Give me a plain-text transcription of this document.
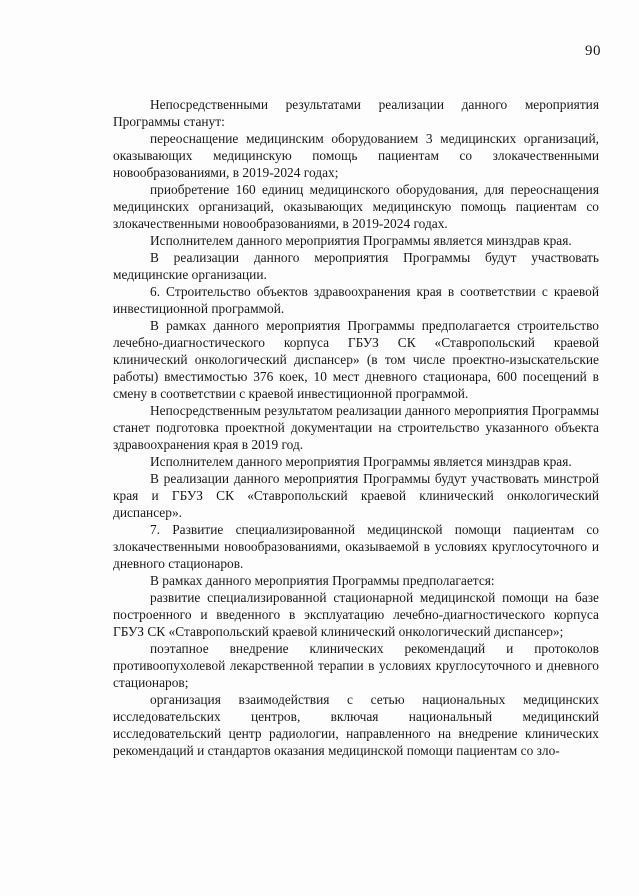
90

Непосредственными результатами реализации данного мероприятия Программы станут:

переоснащение медицинским оборудованием 3 медицинских организаций, оказывающих медицинскую помощь пациентам со злокачественными новообразованиями, в 2019-2024 годах;

приобретение 160 единиц медицинского оборудования, для переоснащения медицинских организаций, оказывающих медицинскую помощь пациентам со злокачественными новообразованиями, в 2019-2024 годах.

Исполнителем данного мероприятия Программы является минздрав края.

В реализации данного мероприятия Программы будут участвовать медицинские организации.

6. Строительство объектов здравоохранения края в соответствии с краевой инвестиционной программой.

В рамках данного мероприятия Программы предполагается строительство лечебно-диагностического корпуса ГБУЗ СК «Ставропольский краевой клинический онкологический диспансер» (в том числе проектно-изыскательские работы) вместимостью 376 коек, 10 мест дневного стационара, 600 посещений в смену в соответствии с краевой инвестиционной программой.

Непосредственным результатом реализации данного мероприятия Программы станет подготовка проектной документации на строительство указанного объекта здравоохранения края в 2019 год.

Исполнителем данного мероприятия Программы является минздрав края.

В реализации данного мероприятия Программы будут участвовать минстрой края и ГБУЗ СК «Ставропольский краевой клинический онкологический диспансер».

7. Развитие специализированной медицинской помощи пациентам со злокачественными новообразованиями, оказываемой в условиях круглосуточного и дневного стационаров.

В рамках данного мероприятия Программы предполагается:

развитие специализированной стационарной медицинской помощи на базе построенного и введенного в эксплуатацию лечебно-диагностического корпуса ГБУЗ СК «Ставропольский краевой клинический онкологический диспансер»;

поэтапное внедрение клинических рекомендаций и протоколов противоопухолевой лекарственной терапии в условиях круглосуточного и дневного стационаров;

организация взаимодействия с сетью национальных медицинских исследовательских центров, включая национальный медицинский исследовательский центр радиологии, направленного на внедрение клинических рекомендаций и стандартов оказания медицинской помощи пациентам со зло-
